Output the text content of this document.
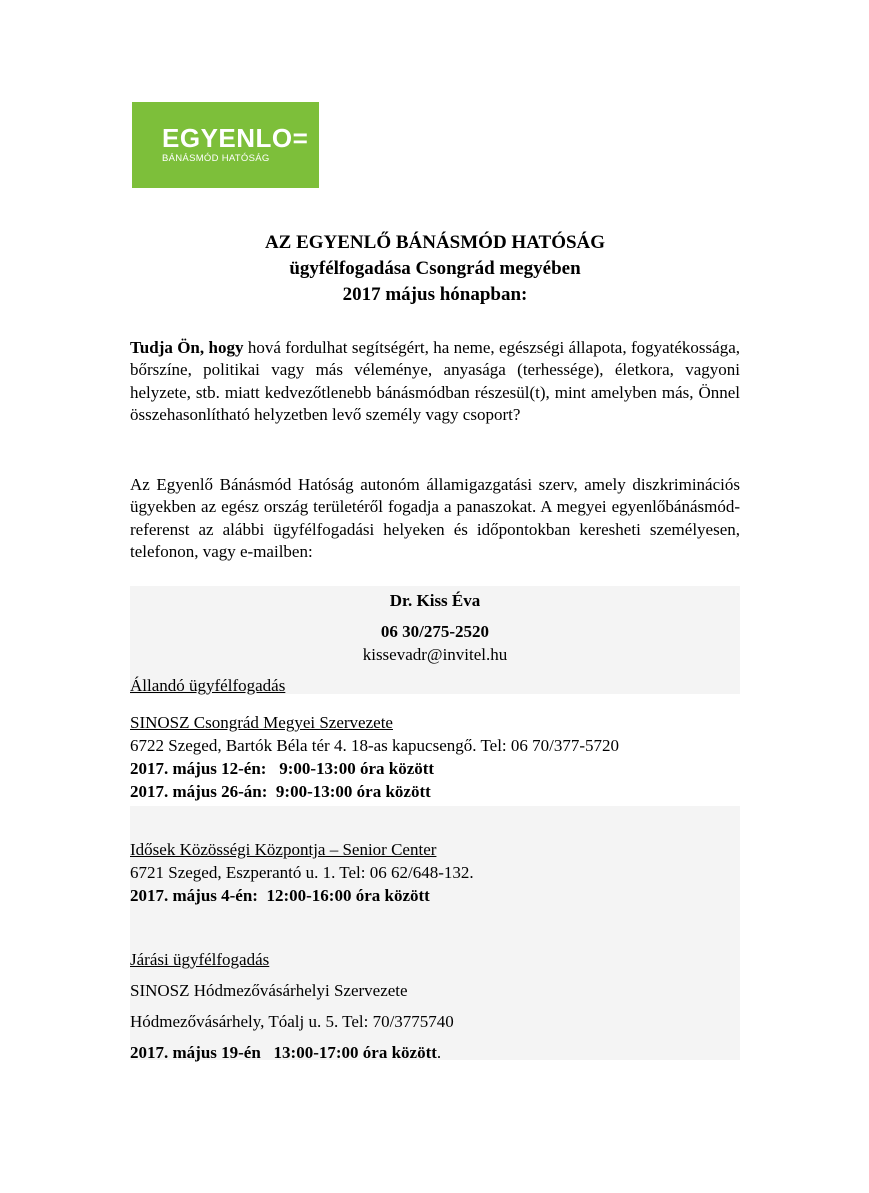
EGYENLO=
BÁNÁSMÓD HATÓSÁG
AZ EGYENLŐ BÁNÁSMÓD HATÓSÁG
ügyfélfogadása Csongrád megyében
2017 május hónapban:
Tudja Ön, hogy hová fordulhat segítségért, ha neme, egészségi állapota, fogyatékossága, bőrszíne, politikai vagy más véleménye, anyasága (terhessége), életkora, vagyoni helyzete, stb. miatt kedvezőtlenebb bánásmódban részesül(t), mint amelyben más, Önnel összehasonlítható helyzetben levő személy vagy csoport?
Az Egyenlő Bánásmód Hatóság autonóm államigazgatási szerv, amely diszkriminációs ügyekben az egész ország területéről fogadja a panaszokat. A megyei egyenlőbánásmód-referenst az alábbi ügyfélfogadási helyeken és időpontokban keresheti személyesen, telefonon, vagy e-mailben:
Dr. Kiss Éva
06 30/275-2520
kissevadr@invitel.hu
Állandó ügyfélfogadás
SINOSZ Csongrád Megyei Szervezete
6722 Szeged, Bartók Béla tér 4. 18-as kapucsengő. Tel: 06 70/377-5720
2017. május 12-én:   9:00-13:00 óra között
2017. május 26-án:  9:00-13:00 óra között
Idősek Közösségi Központja – Senior Center
6721 Szeged, Eszperantó u. 1. Tel: 06 62/648-132.
2017. május 4-én:  12:00-16:00 óra között
Járási ügyfélfogadás
SINOSZ Hódmezővásárhelyi Szervezete
Hódmezővásárhely, Tóalj u. 5. Tel: 70/3775740
2017. május 19-én   13:00-17:00 óra között.
